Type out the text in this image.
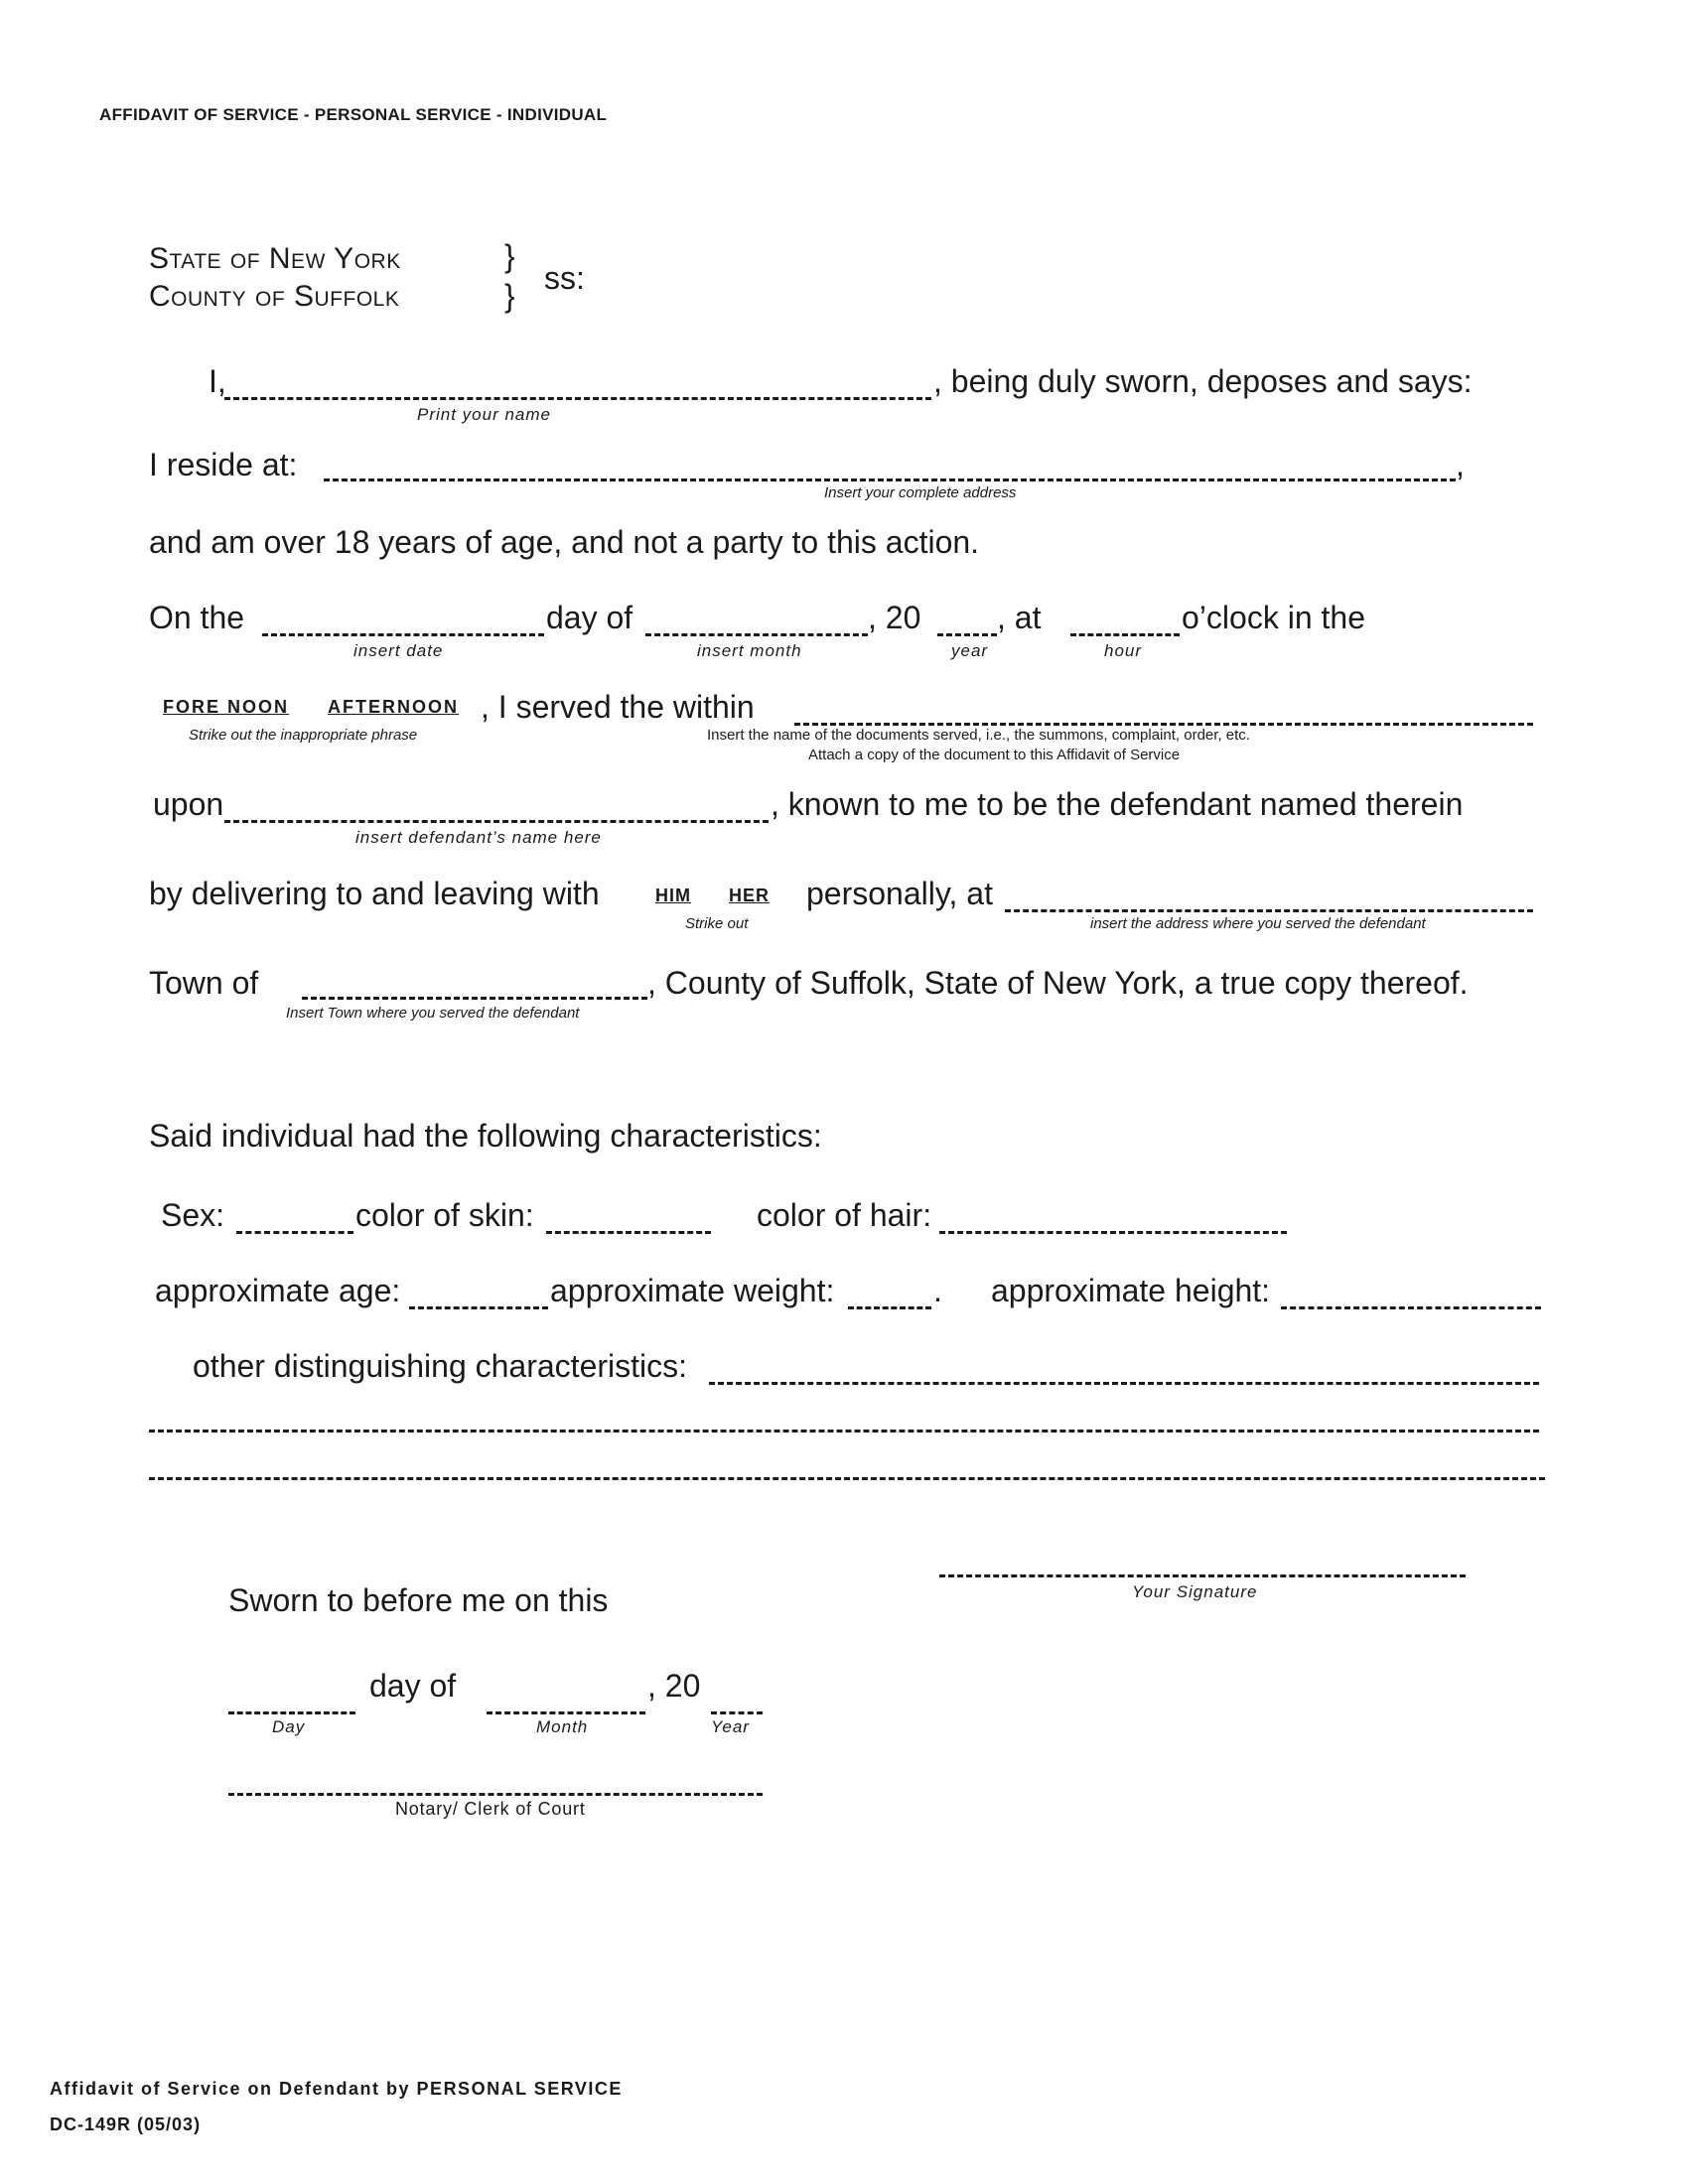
AFFIDAVIT OF SERVICE - PERSONAL SERVICE - INDIVIDUAL
State of New York
County of Suffolk
}
} ss:
I,	, being duly sworn, deposes and says:
Print your name
I reside at:	,
Insert your complete address
and am over 18 years of age, and not a party to this action.
On the	day of	, 20 , at	o’clock in the
insert date	insert month	year	hour
FORE NOON AFTERNOON , I served the within
Strike out the inappropriate phrase	Insert the name of the documents served, i.e., the summons, complaint, order, etc.
Attach a copy of the document to this Affidavit of Service
upon	, known to me to be the defendant named therein
insert defendant’s name here
by delivering to and leaving with	HIM HER personally, at
Strike out	insert the address where you served the defendant
Town of	, County of Suffolk, State of New York, a true copy thereof.
Insert Town where you served the defendant
Said individual had the following characteristics:
Sex:	color of skin:	color of hair:
approximate age:	approximate weight:	. approximate height:
other distinguishing characteristics:
Your Signature
Sworn to before me on this
day of	, 20
Day	Month	Year
Notary/ Clerk of Court
Affidavit of Service on Defendant by PERSONAL SERVICE
DC-149R (05/03)
